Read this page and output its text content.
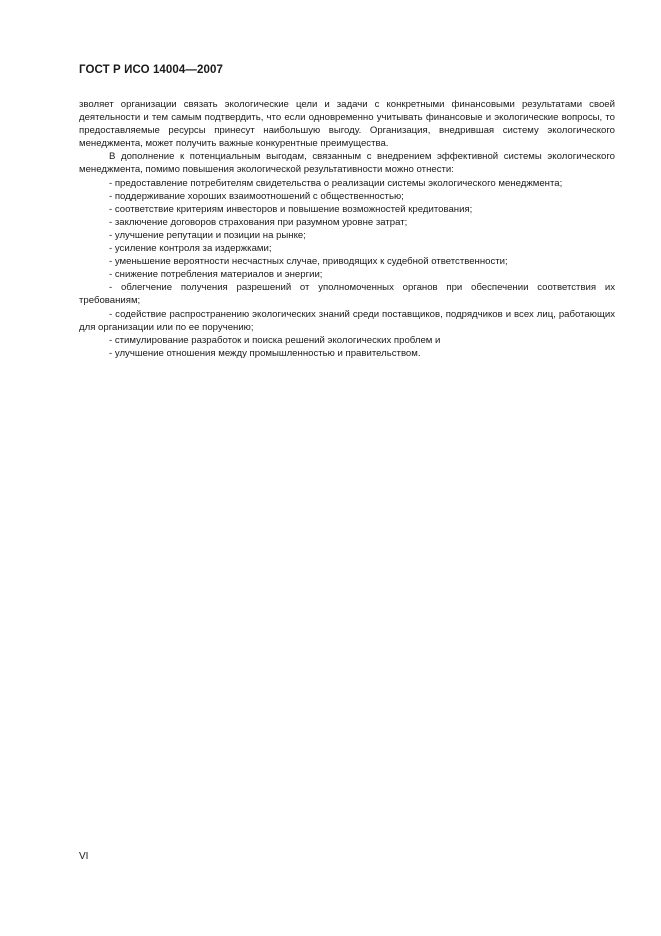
ГОСТ Р ИСО 14004—2007

зволяет организации связать экологические цели и задачи с конкретными финансовыми результатами своей деятельности и тем самым подтвердить, что если одновременно учитывать финансовые и экологические вопросы, то предоставляемые ресурсы принесут наибольшую выгоду. Организация, внедрившая систему экологического менеджмента, может получить важные конкурентные преимущества.

В дополнение к потенциальным выгодам, связанным с внедрением эффективной системы экологического менеджмента, помимо повышения экологической результативности можно отнести:

- предоставление потребителям свидетельства о реализации системы экологического менеджмента;

- поддерживание хороших взаимоотношений с общественностью;

- соответствие критериям инвесторов и повышение возможностей кредитования;

- заключение договоров страхования при разумном уровне затрат;

- улучшение репутации и позиции на рынке;

- усиление контроля за издержками;

- уменьшение вероятности несчастных случае, приводящих к судебной ответственности;

- снижение потребления материалов и энергии;

- облегчение получения разрешений от уполномоченных органов при обеспечении соответствия их требованиям;

- содействие распространению экологических знаний среди поставщиков, подрядчиков и всех лиц, работающих для организации или по ее поручению;

- стимулирование разработок и поиска решений экологических проблем и

- улучшение отношения между промышленностью и правительством.

VI
